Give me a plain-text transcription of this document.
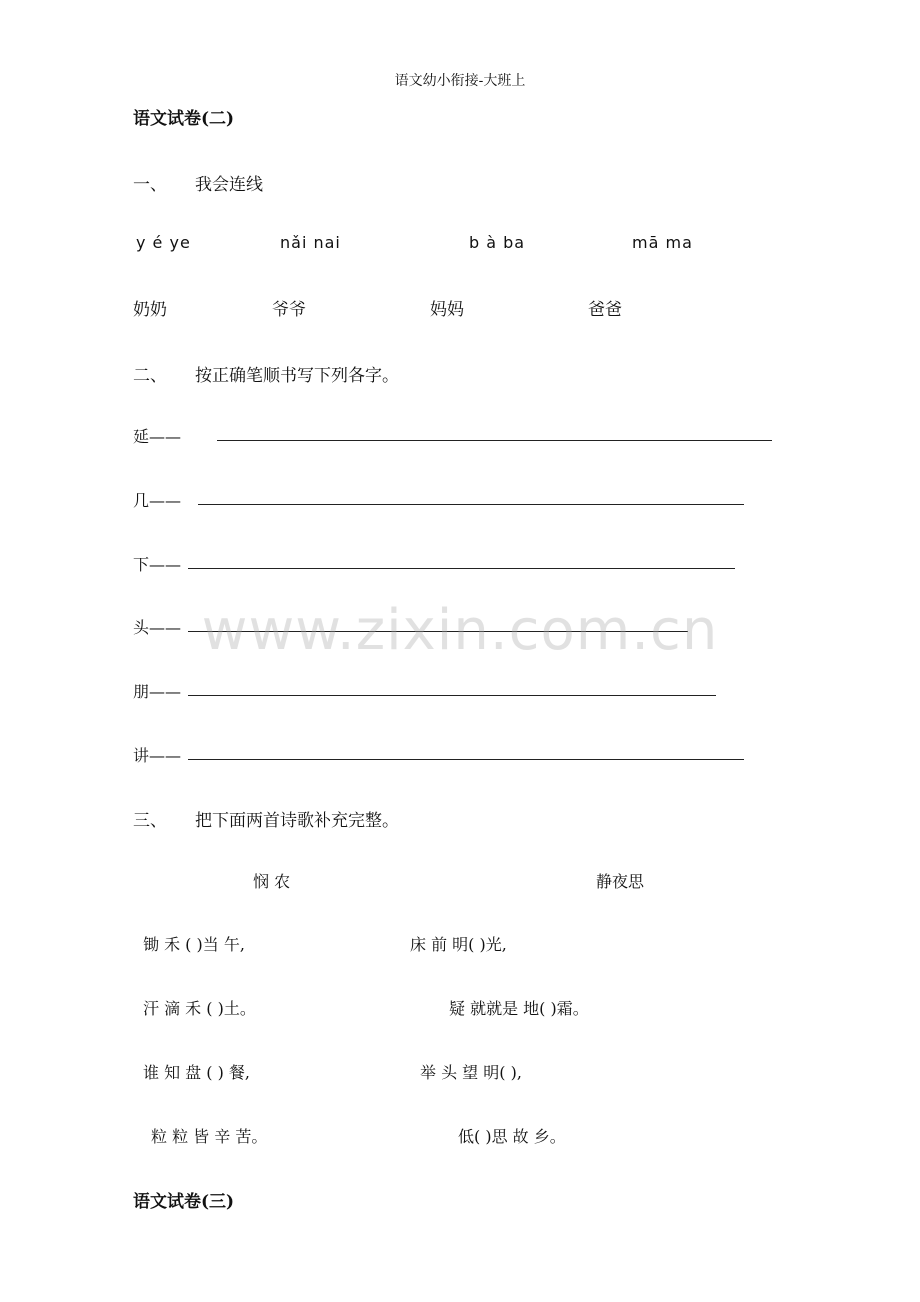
语文幼小衔接-大班上
语文试卷(二)
一、 我会连线
y é ye	nǎi nai	b à ba	mā ma
奶奶	爷爷	妈妈	爸爸
二、 按正确笔顺书写下列各字。
延——
几——
下——
头——
朋——
讲——
三、 把下面两首诗歌补充完整。
悯 农	静夜思
锄 禾 ( )当 午,	床 前 明( )光,
汗 滴 禾 ( )土。	疑 就就是 地( )霜。
谁 知 盘 ( ) 餐,	举 头 望 明( ),
粒 粒 皆 辛 苦。	低( )思 故 乡。
语文试卷(三)
www.zixin.com.cn
